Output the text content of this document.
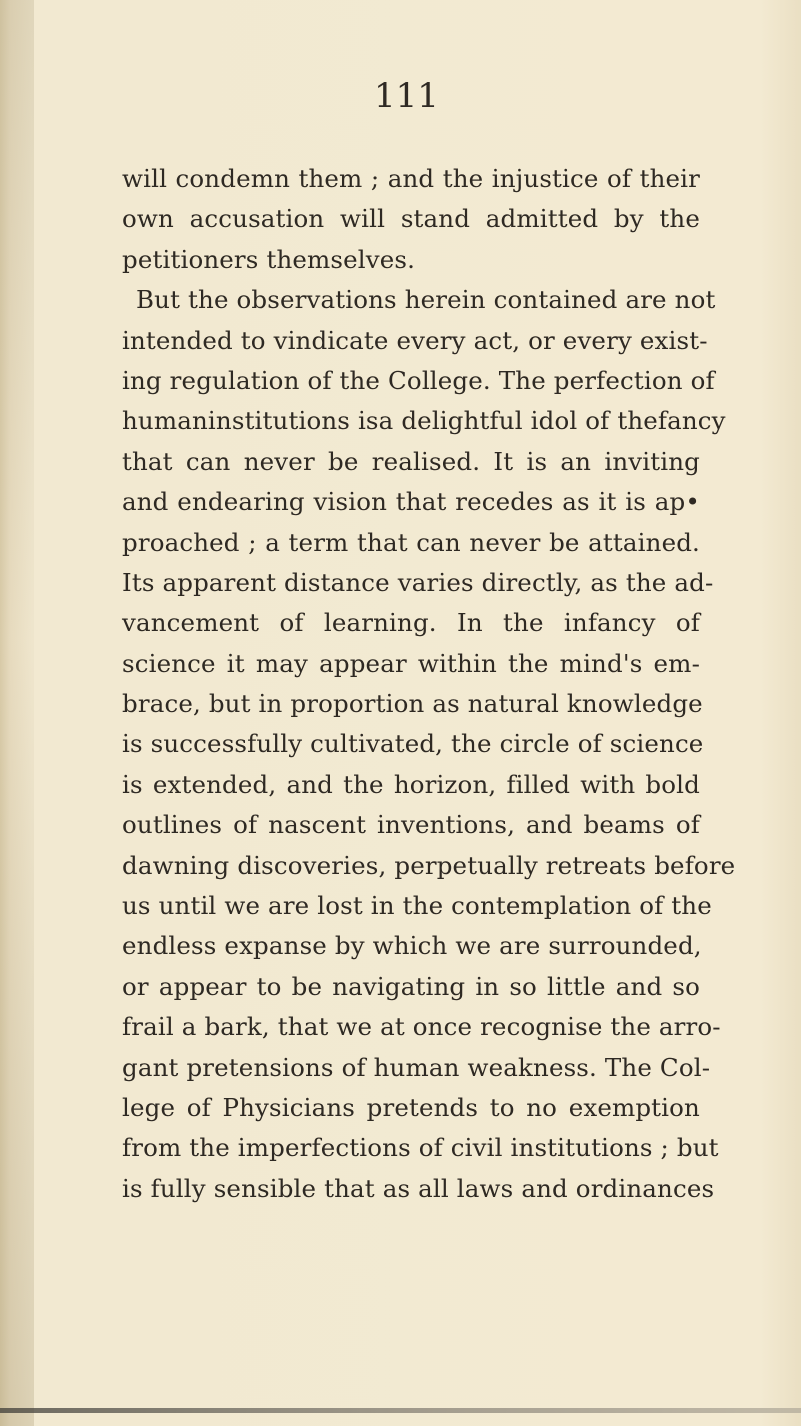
111
will condemn them ; and the injustice of their
own accusation will stand admitted by the
petitioners themselves.
But the observations herein contained are not
intended to vindicate every act, or every exist-
ing regulation of the College. The perfection of
humaninstitutions isa delightful idol of thefancy
that can never be realised. It is an inviting
and endearing vision that recedes as it is ap•
proached ; a term that can never be attained.
Its apparent distance varies directly, as the ad-
vancement of learning. In the infancy of
science it may appear within the mind's em-
brace, but in proportion as natural knowledge
is successfully cultivated, the circle of science
is extended, and the horizon, filled with bold
outlines of nascent inventions, and beams of
dawning discoveries, perpetually retreats before
us until we are lost in the contemplation of the
endless expanse by which we are surrounded,
or appear to be navigating in so little and so
frail a bark, that we at once recognise the arro-
gant pretensions of human weakness. The Col-
lege of Physicians pretends to no exemption
from the imperfections of civil institutions ; but
is fully sensible that as all laws and ordinances
